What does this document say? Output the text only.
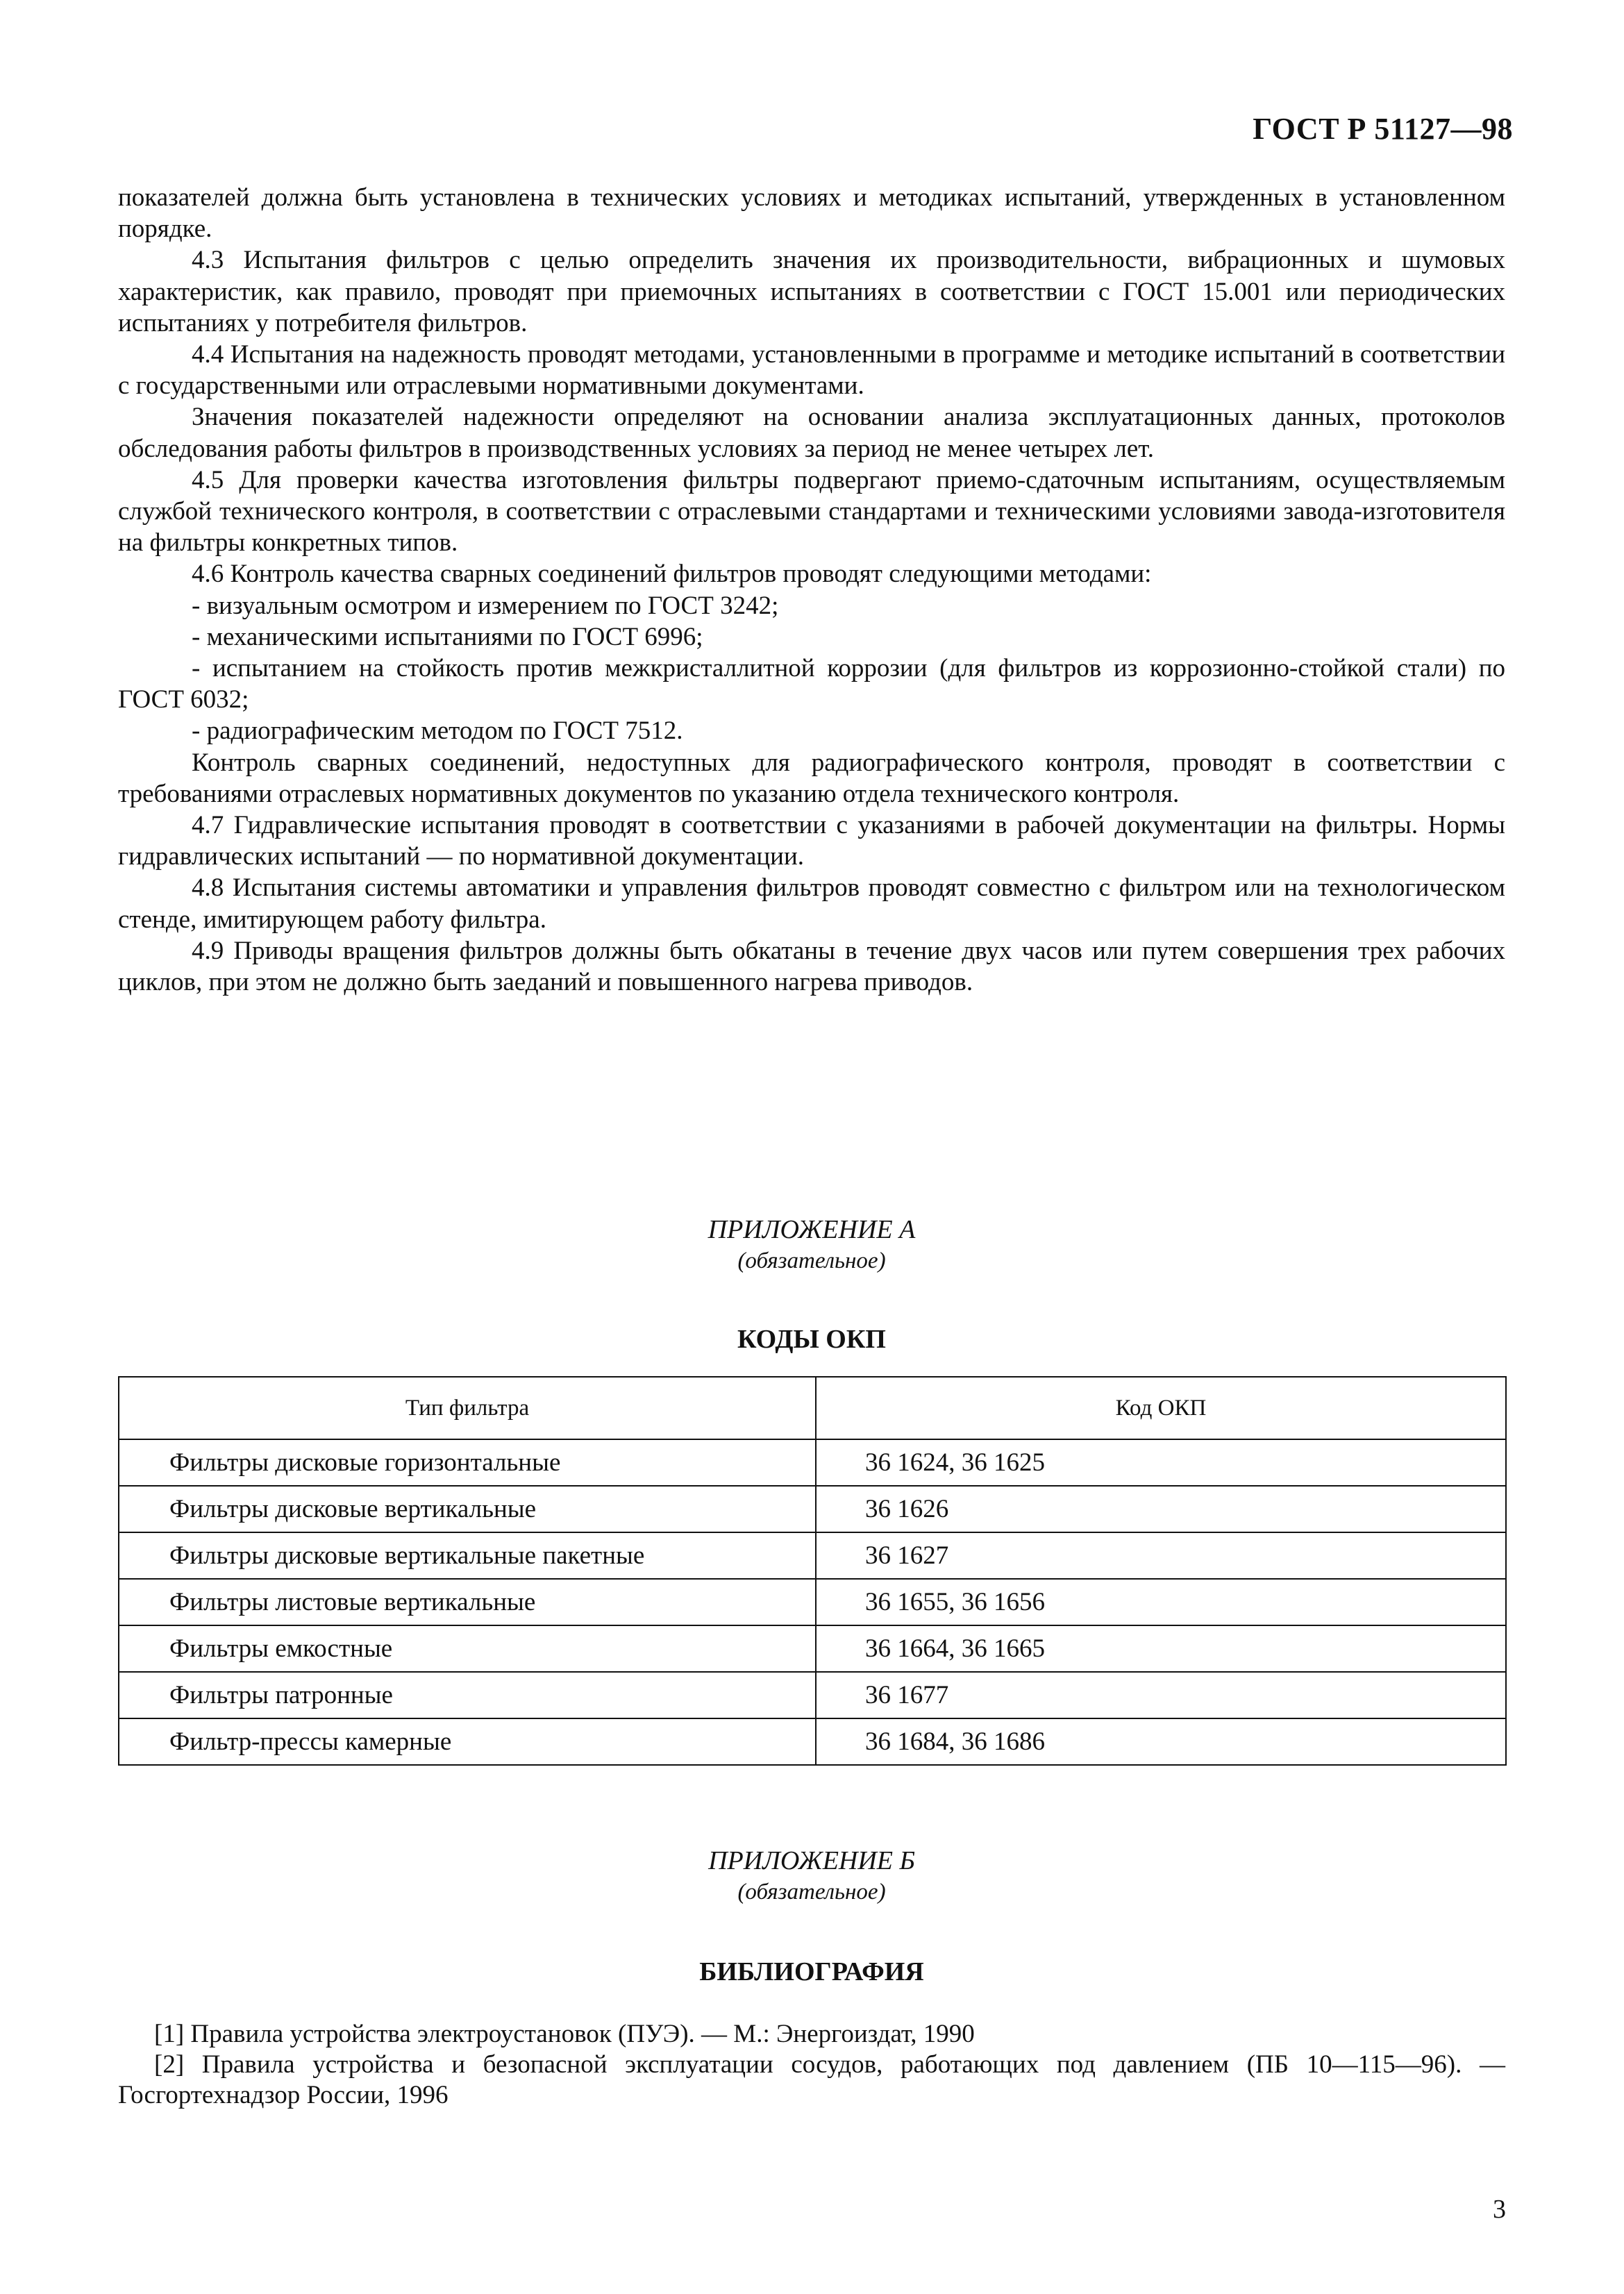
ГОСТ Р 51127—98

показателей должна быть установлена в технических условиях и методиках испытаний, утвержденных в установленном порядке.

4.3 Испытания фильтров с целью определить значения их производительности, вибрационных и шумовых характеристик, как правило, проводят при приемочных испытаниях в соответствии с ГОСТ 15.001 или периодических испытаниях у потребителя фильтров.

4.4 Испытания на надежность проводят методами, установленными в программе и методике испытаний в соответствии с государственными или отраслевыми нормативными документами.

Значения показателей надежности определяют на основании анализа эксплуатационных данных, протоколов обследования работы фильтров в производственных условиях за период не менее четырех лет.

4.5 Для проверки качества изготовления фильтры подвергают приемо-сдаточным испытаниям, осуществляемым службой технического контроля, в соответствии с отраслевыми стандартами и техническими условиями завода-изготовителя на фильтры конкретных типов.

4.6 Контроль качества сварных соединений фильтров проводят следующими методами:

- визуальным осмотром и измерением по ГОСТ 3242;

- механическими испытаниями по ГОСТ 6996;

- испытанием на стойкость против межкристаллитной коррозии (для фильтров из коррозионно-стойкой стали) по ГОСТ 6032;

- радиографическим методом по ГОСТ 7512.

Контроль сварных соединений, недоступных для радиографического контроля, проводят в соответствии с требованиями отраслевых нормативных документов по указанию отдела технического контроля.

4.7 Гидравлические испытания проводят в соответствии с указаниями в рабочей документации на фильтры. Нормы гидравлических испытаний — по нормативной документации.

4.8 Испытания системы автоматики и управления фильтров проводят совместно с фильтром или на технологическом стенде, имитирующем работу фильтра.

4.9 Приводы вращения фильтров должны быть обкатаны в течение двух часов или путем совершения трех рабочих циклов, при этом не должно быть заеданий и повышенного нагрева приводов.

ПРИЛОЖЕНИЕ А
(обязательное)
КОДЫ ОКП
Тип фильтра	Код ОКП
Фильтры дисковые горизонтальные	36 1624, 36 1625
Фильтры дисковые вертикальные	36 1626
Фильтры дисковые вертикальные пакетные	36 1627
Фильтры листовые вертикальные	36 1655, 36 1656
Фильтры емкостные	36 1664, 36 1665
Фильтры патронные	36 1677
Фильтр-прессы камерные	36 1684, 36 1686
ПРИЛОЖЕНИЕ Б
(обязательное)
БИБЛИОГРАФИЯ

[1] Правила устройства электроустановок (ПУЭ). — М.: Энергоиздат, 1990

[2] Правила устройства и безопасной эксплуатации сосудов, работающих под давлением (ПБ 10—115—96). — Госгортехнадзор России, 1996

3
